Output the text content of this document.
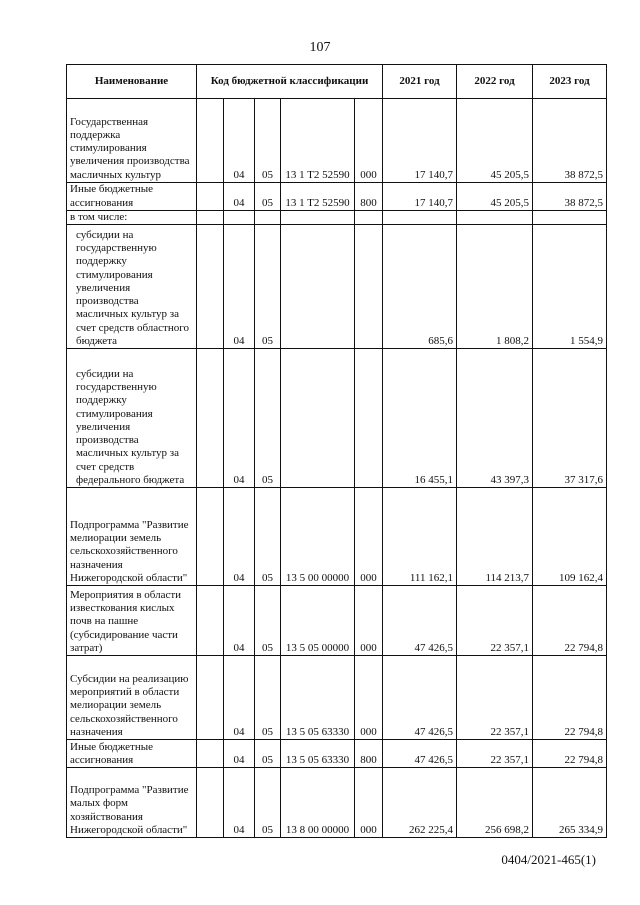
107
Наименование	Код бюджетной классификации					2021 год	2022 год	2023 год
Государственная поддержка стимулирования увеличения производства масличных культур		04	05	13 1 T2 52590	000	17 140,7	45 205,5	38 872,5
Иные бюджетные ассигнования		04	05	13 1 T2 52590	800	17 140,7	45 205,5	38 872,5
в том числе:								
субсидии на государственную поддержку стимулирования увеличения производства масличных культур за счет средств областного бюджета		04	05			685,6	1 808,2	1 554,9
субсидии на государственную поддержку стимулирования увеличения производства масличных культур за счет средств федерального бюджета		04	05			16 455,1	43 397,3	37 317,6
Подпрограмма "Развитие мелиорации земель сельскохозяйственного назначения Нижегородской области"		04	05	13 5 00 00000	000	111 162,1	114 213,7	109 162,4
Мероприятия в области известкования кислых почв на пашне (субсидирование части затрат)		04	05	13 5 05 00000	000	47 426,5	22 357,1	22 794,8
Субсидии на реализацию мероприятий в области мелиорации земель сельскохозяйственного назначения		04	05	13 5 05 63330	000	47 426,5	22 357,1	22 794,8
Иные бюджетные ассигнования		04	05	13 5 05 63330	800	47 426,5	22 357,1	22 794,8
Подпрограмма "Развитие малых форм хозяйствования Нижегородской области"		04	05	13 8 00 00000	000	262 225,4	256 698,2	265 334,9
0404/2021-465(1)
